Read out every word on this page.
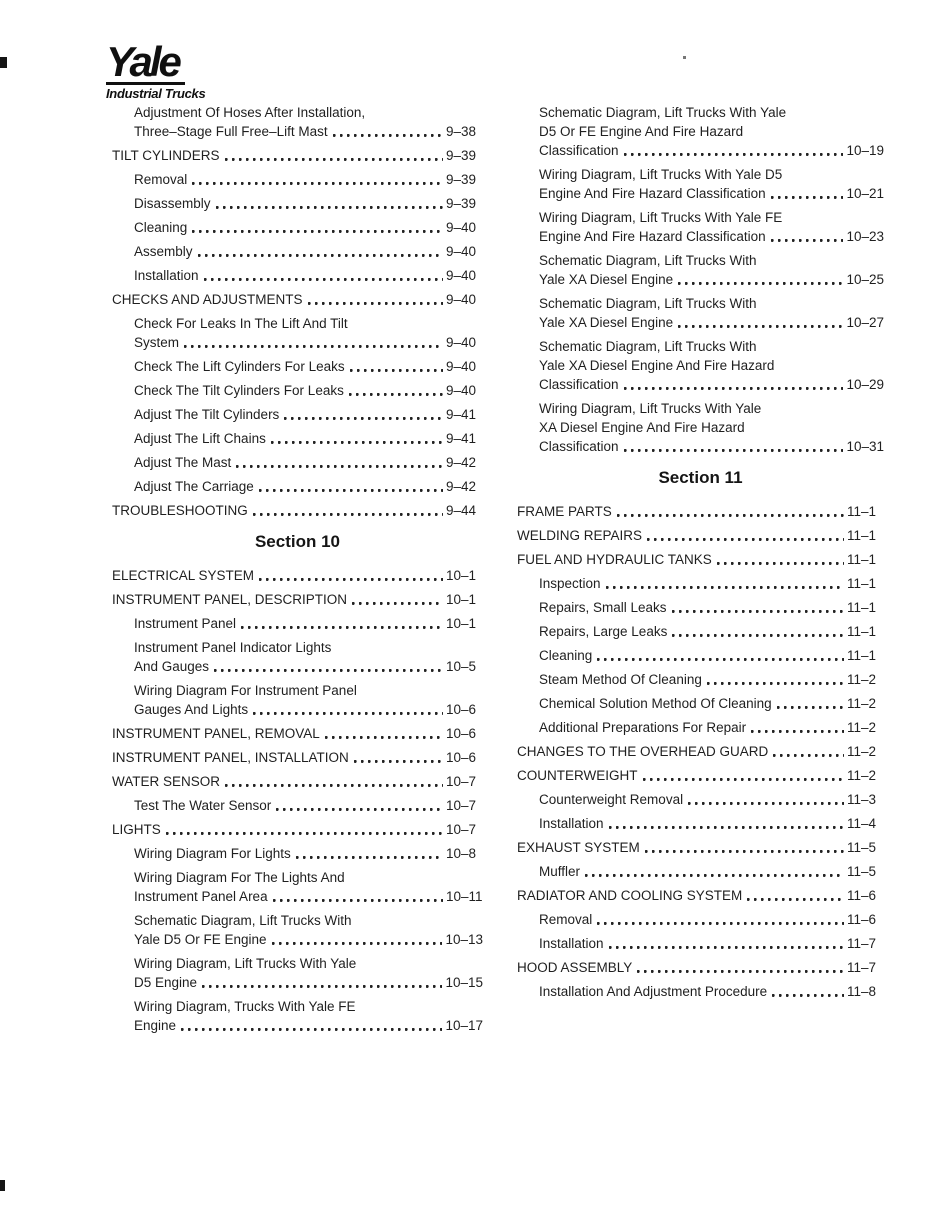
Yale
Industrial Trucks
Adjustment Of Hoses After Installation,
Three–Stage Full Free–Lift Mast	9–38
TILT CYLINDERS	9–39
Removal	9–39
Disassembly	9–39
Cleaning	9–40
Assembly	9–40
Installation	9–40
CHECKS AND ADJUSTMENTS	9–40
Check For Leaks In The Lift And Tilt
System	9–40
Check The Lift Cylinders For Leaks	9–40
Check The Tilt Cylinders For Leaks	9–40
Adjust The Tilt Cylinders	9–41
Adjust The Lift Chains	9–41
Adjust The Mast	9–42
Adjust The Carriage	9–42
TROUBLESHOOTING	9–44
Section 10
ELECTRICAL SYSTEM	10–1
INSTRUMENT PANEL, DESCRIPTION	10–1
Instrument Panel	10–1
Instrument Panel Indicator Lights
And Gauges	10–5
Wiring Diagram For Instrument Panel
Gauges And Lights	10–6
INSTRUMENT PANEL, REMOVAL	10–6
INSTRUMENT PANEL, INSTALLATION	10–6
WATER SENSOR	10–7
Test The Water Sensor	10–7
LIGHTS	10–7
Wiring Diagram For Lights	10–8
Wiring Diagram For The Lights And
Instrument Panel Area	10–11
Schematic Diagram, Lift Trucks With
Yale D5 Or FE Engine	10–13
Wiring Diagram, Lift Trucks With Yale
D5 Engine	10–15
Wiring Diagram, Trucks With Yale FE
Engine	10–17
Schematic Diagram, Lift Trucks With Yale
D5 Or FE Engine And Fire Hazard
Classification	10–19
Wiring Diagram, Lift Trucks With Yale D5
Engine And Fire Hazard Classification	10–21
Wiring Diagram, Lift Trucks With Yale FE
Engine And Fire Hazard Classification	10–23
Schematic Diagram, Lift Trucks With
Yale XA Diesel Engine	10–25
Schematic Diagram, Lift Trucks With
Yale XA Diesel Engine	10–27
Schematic Diagram, Lift Trucks With
Yale XA Diesel Engine And Fire Hazard
Classification	10–29
Wiring Diagram, Lift Trucks With Yale
XA Diesel Engine And Fire Hazard
Classification	10–31
Section 11
FRAME PARTS	11–1
WELDING REPAIRS	11–1
FUEL AND HYDRAULIC TANKS	11–1
Inspection	11–1
Repairs, Small Leaks	11–1
Repairs, Large Leaks	11–1
Cleaning	11–1
Steam Method Of Cleaning	11–2
Chemical Solution Method Of Cleaning	11–2
Additional Preparations For Repair	11–2
CHANGES TO THE OVERHEAD GUARD	11–2
COUNTERWEIGHT	11–2
Counterweight Removal	11–3
Installation	11–4
EXHAUST SYSTEM	11–5
Muffler	11–5
RADIATOR AND COOLING SYSTEM	11–6
Removal	11–6
Installation	11–7
HOOD ASSEMBLY	11–7
Installation And Adjustment Procedure	11–8
